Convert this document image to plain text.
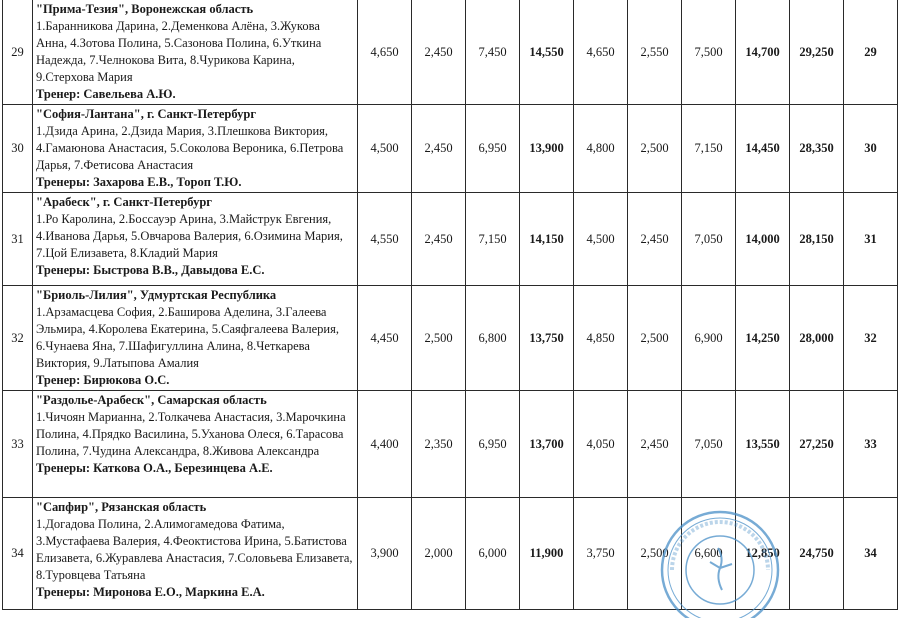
29	"Прима-Тезия", Воронежская область
1.Баранникова Дарина, 2.Деменкова Алёна, 3.Жукова Анна, 4.Зотова Полина, 5.Сазонова Полина, 6.Уткина Надежда, 7.Челнокова Вита, 8.Чурикова Карина, 9.Стерхова Мария
Тренер: Савельева А.Ю.	4,650	2,450	7,450	14,550	4,650	2,550	7,500	14,700	29,250	29
30	"София-Лантана", г. Санкт-Петербург
1.Дзида Арина, 2.Дзида Мария, 3.Плешкова Виктория, 4.Гамаюнова Анастасия, 5.Соколова Вероника, 6.Петрова Дарья, 7.Фетисова Анастасия
Тренеры: Захарова Е.В., Тороп Т.Ю.	4,500	2,450	6,950	13,900	4,800	2,500	7,150	14,450	28,350	30
31	"Арабеск", г. Санкт-Петербург
1.Ро Каролина, 2.Боссауэр Арина, 3.Майструк Евгения, 4.Иванова Дарья, 5.Овчарова Валерия, 6.Озимина Мария, 7.Цой Елизавета, 8.Кладий Мария
Тренеры: Быстрова В.В., Давыдова Е.С.	4,550	2,450	7,150	14,150	4,500	2,450	7,050	14,000	28,150	31
32	"Бриоль-Лилия", Удмуртская Республика
1.Арзамасцева София, 2.Баширова Аделина, 3.Галеева Эльмира, 4.Королева Екатерина, 5.Саяфгалеева Валерия, 6.Чунаева Яна, 7.Шафигуллина Алина, 8.Четкарева Виктория, 9.Латыпова Амалия
Тренер: Бирюкова О.С.	4,450	2,500	6,800	13,750	4,850	2,500	6,900	14,250	28,000	32
33	"Раздолье-Арабеск", Самарская область
1.Чичоян Марианна, 2.Толкачева Анастасия, 3.Марочкина Полина, 4.Прядко Василина, 5.Уханова Олеся, 6.Тарасова Полина, 7.Чудина Александра, 8.Живова Александра
Тренеры: Каткова О.А., Березинцева А.Е.	4,400	2,350	6,950	13,700	4,050	2,450	7,050	13,550	27,250	33
34	"Сапфир", Рязанская область
1.Догадова Полина, 2.Алимогамедова Фатима, 3.Мустафаева Валерия, 4.Феоктистова Ирина, 5.Батистова Елизавета, 6.Журавлева Анастасия, 7.Соловьева Елизавета, 8.Туровцева Татьяна
Тренеры: Миронова Е.О., Маркина Е.А.	3,900	2,000	6,000	11,900	3,750	2,500	6,600	12,850	24,750	34
